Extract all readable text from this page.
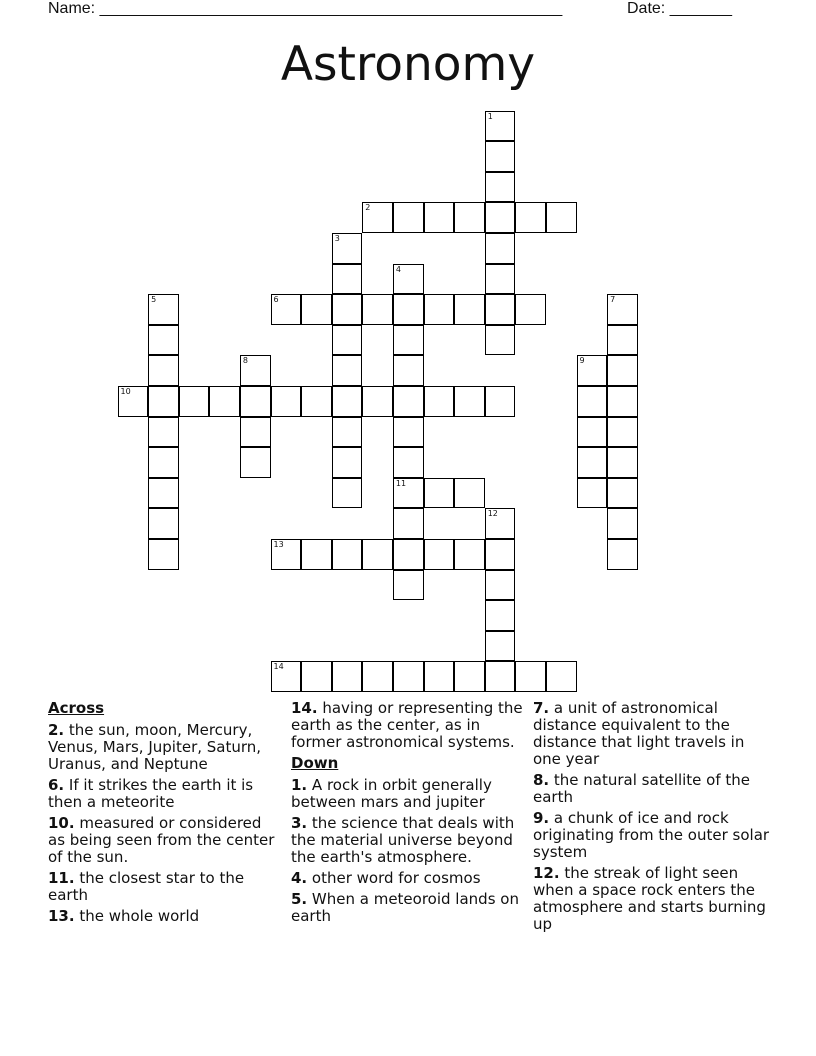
Name: ____________________________________________________	Date: _______
Astronomy
1
2
3
4
11
5	6	7
8	9
10
12
13
14
Across
2. the sun, moon, Mercury, Venus, Mars, Jupiter, Saturn, Uranus, and Neptune
6. If it strikes the earth it is then a meteorite
10. measured or considered as being seen from the center of the sun.
11. the closest star to the earth
13. the whole world
14. having or representing the earth as the center, as in former astronomical systems.
Down
1. A rock in orbit generally between mars and jupiter
3. the science that deals with the material universe beyond the earth's atmosphere.
4. other word for cosmos
5. When a meteoroid lands on earth
7. a unit of astronomical distance equivalent to the distance that light travels in one year
8. the natural satellite of the earth
9. a chunk of ice and rock originating from the outer solar system
12. the streak of light seen when a space rock enters the atmosphere and starts burning up
